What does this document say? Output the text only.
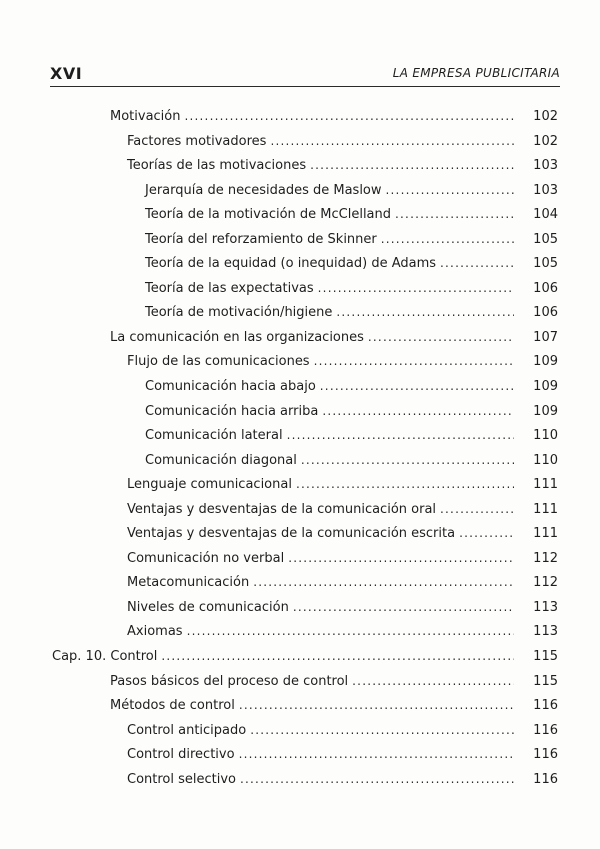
XVI	LA EMPRESA PUBLICITARIA
Motivación .....	102
Factores motivadores .....	102
Teorías de las motivaciones .....	103
Jerarquía de necesidades de Maslow .....	103
Teoría de la motivación de McClelland .....	104
Teoría del reforzamiento de Skinner .....	105
Teoría de la equidad (o inequidad) de Adams .....	105
Teoría de las expectativas .....	106
Teoría de motivación/higiene .....	106
La comunicación en las organizaciones .....	107
Flujo de las comunicaciones .....	109
Comunicación hacia abajo .....	109
Comunicación hacia arriba .....	109
Comunicación lateral .....	110
Comunicación diagonal .....	110
Lenguaje comunicacional .....	111
Ventajas y desventajas de la comunicación oral .....	111
Ventajas y desventajas de la comunicación escrita .....	111
Comunicación no verbal .....	112
Metacomunicación .....	112
Niveles de comunicación .....	113
Axiomas .....	113
Cap. 10. Control .....	115
Pasos básicos del proceso de control .....	115
Métodos de control .....	116
Control anticipado .....	116
Control directivo .....	116
Control selectivo .....	116
